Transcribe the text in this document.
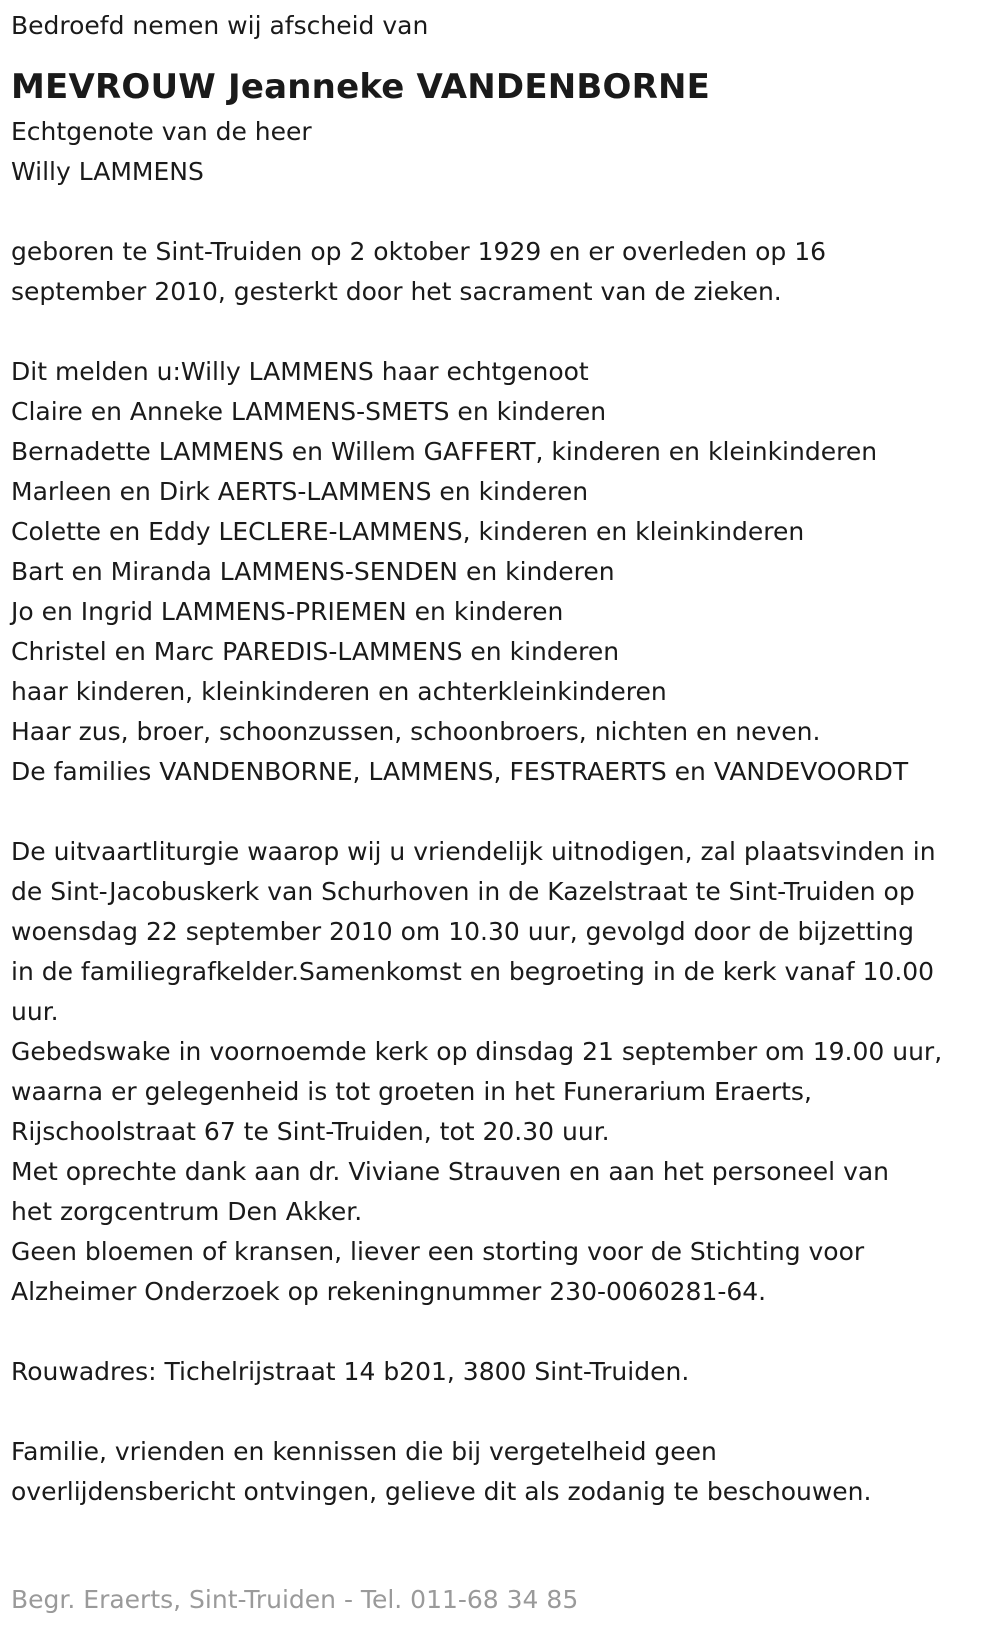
Bedroefd nemen wij afscheid van
MEVROUW Jeanneke VANDENBORNE
Echtgenote van de heer
Willy LAMMENS
geboren te Sint-Truiden op 2 oktober 1929 en er overleden op 16
september 2010, gesterkt door het sacrament van de zieken.
Dit melden u:Willy LAMMENS haar echtgenoot
Claire en Anneke LAMMENS-SMETS en kinderen
Bernadette LAMMENS en Willem GAFFERT, kinderen en kleinkinderen
Marleen en Dirk AERTS-LAMMENS en kinderen
Colette en Eddy LECLERE-LAMMENS, kinderen en kleinkinderen
Bart en Miranda LAMMENS-SENDEN en kinderen
Jo en Ingrid LAMMENS-PRIEMEN en kinderen
Christel en Marc PAREDIS-LAMMENS en kinderen
haar kinderen, kleinkinderen en achterkleinkinderen
Haar zus, broer, schoonzussen, schoonbroers, nichten en neven.
De families VANDENBORNE, LAMMENS, FESTRAERTS en VANDEVOORDT
De uitvaartliturgie waarop wij u vriendelijk uitnodigen, zal plaatsvinden in
de Sint-Jacobuskerk van Schurhoven in de Kazelstraat te Sint-Truiden op
woensdag 22 september 2010 om 10.30 uur, gevolgd door de bijzetting
in de familiegrafkelder.Samenkomst en begroeting in de kerk vanaf 10.00
uur.
Gebedswake in voornoemde kerk op dinsdag 21 september om 19.00 uur,
waarna er gelegenheid is tot groeten in het Funerarium Eraerts,
Rijschoolstraat 67 te Sint-Truiden, tot 20.30 uur.
Met oprechte dank aan dr. Viviane Strauven en aan het personeel van
het zorgcentrum Den Akker.
Geen bloemen of kransen, liever een storting voor de Stichting voor
Alzheimer Onderzoek op rekeningnummer 230-0060281-64.
Rouwadres: Tichelrijstraat 14 b201, 3800 Sint-Truiden.
Familie, vrienden en kennissen die bij vergetelheid geen
overlijdensbericht ontvingen, gelieve dit als zodanig te beschouwen.
Begr. Eraerts, Sint-Truiden - Tel. 011-68 34 85
